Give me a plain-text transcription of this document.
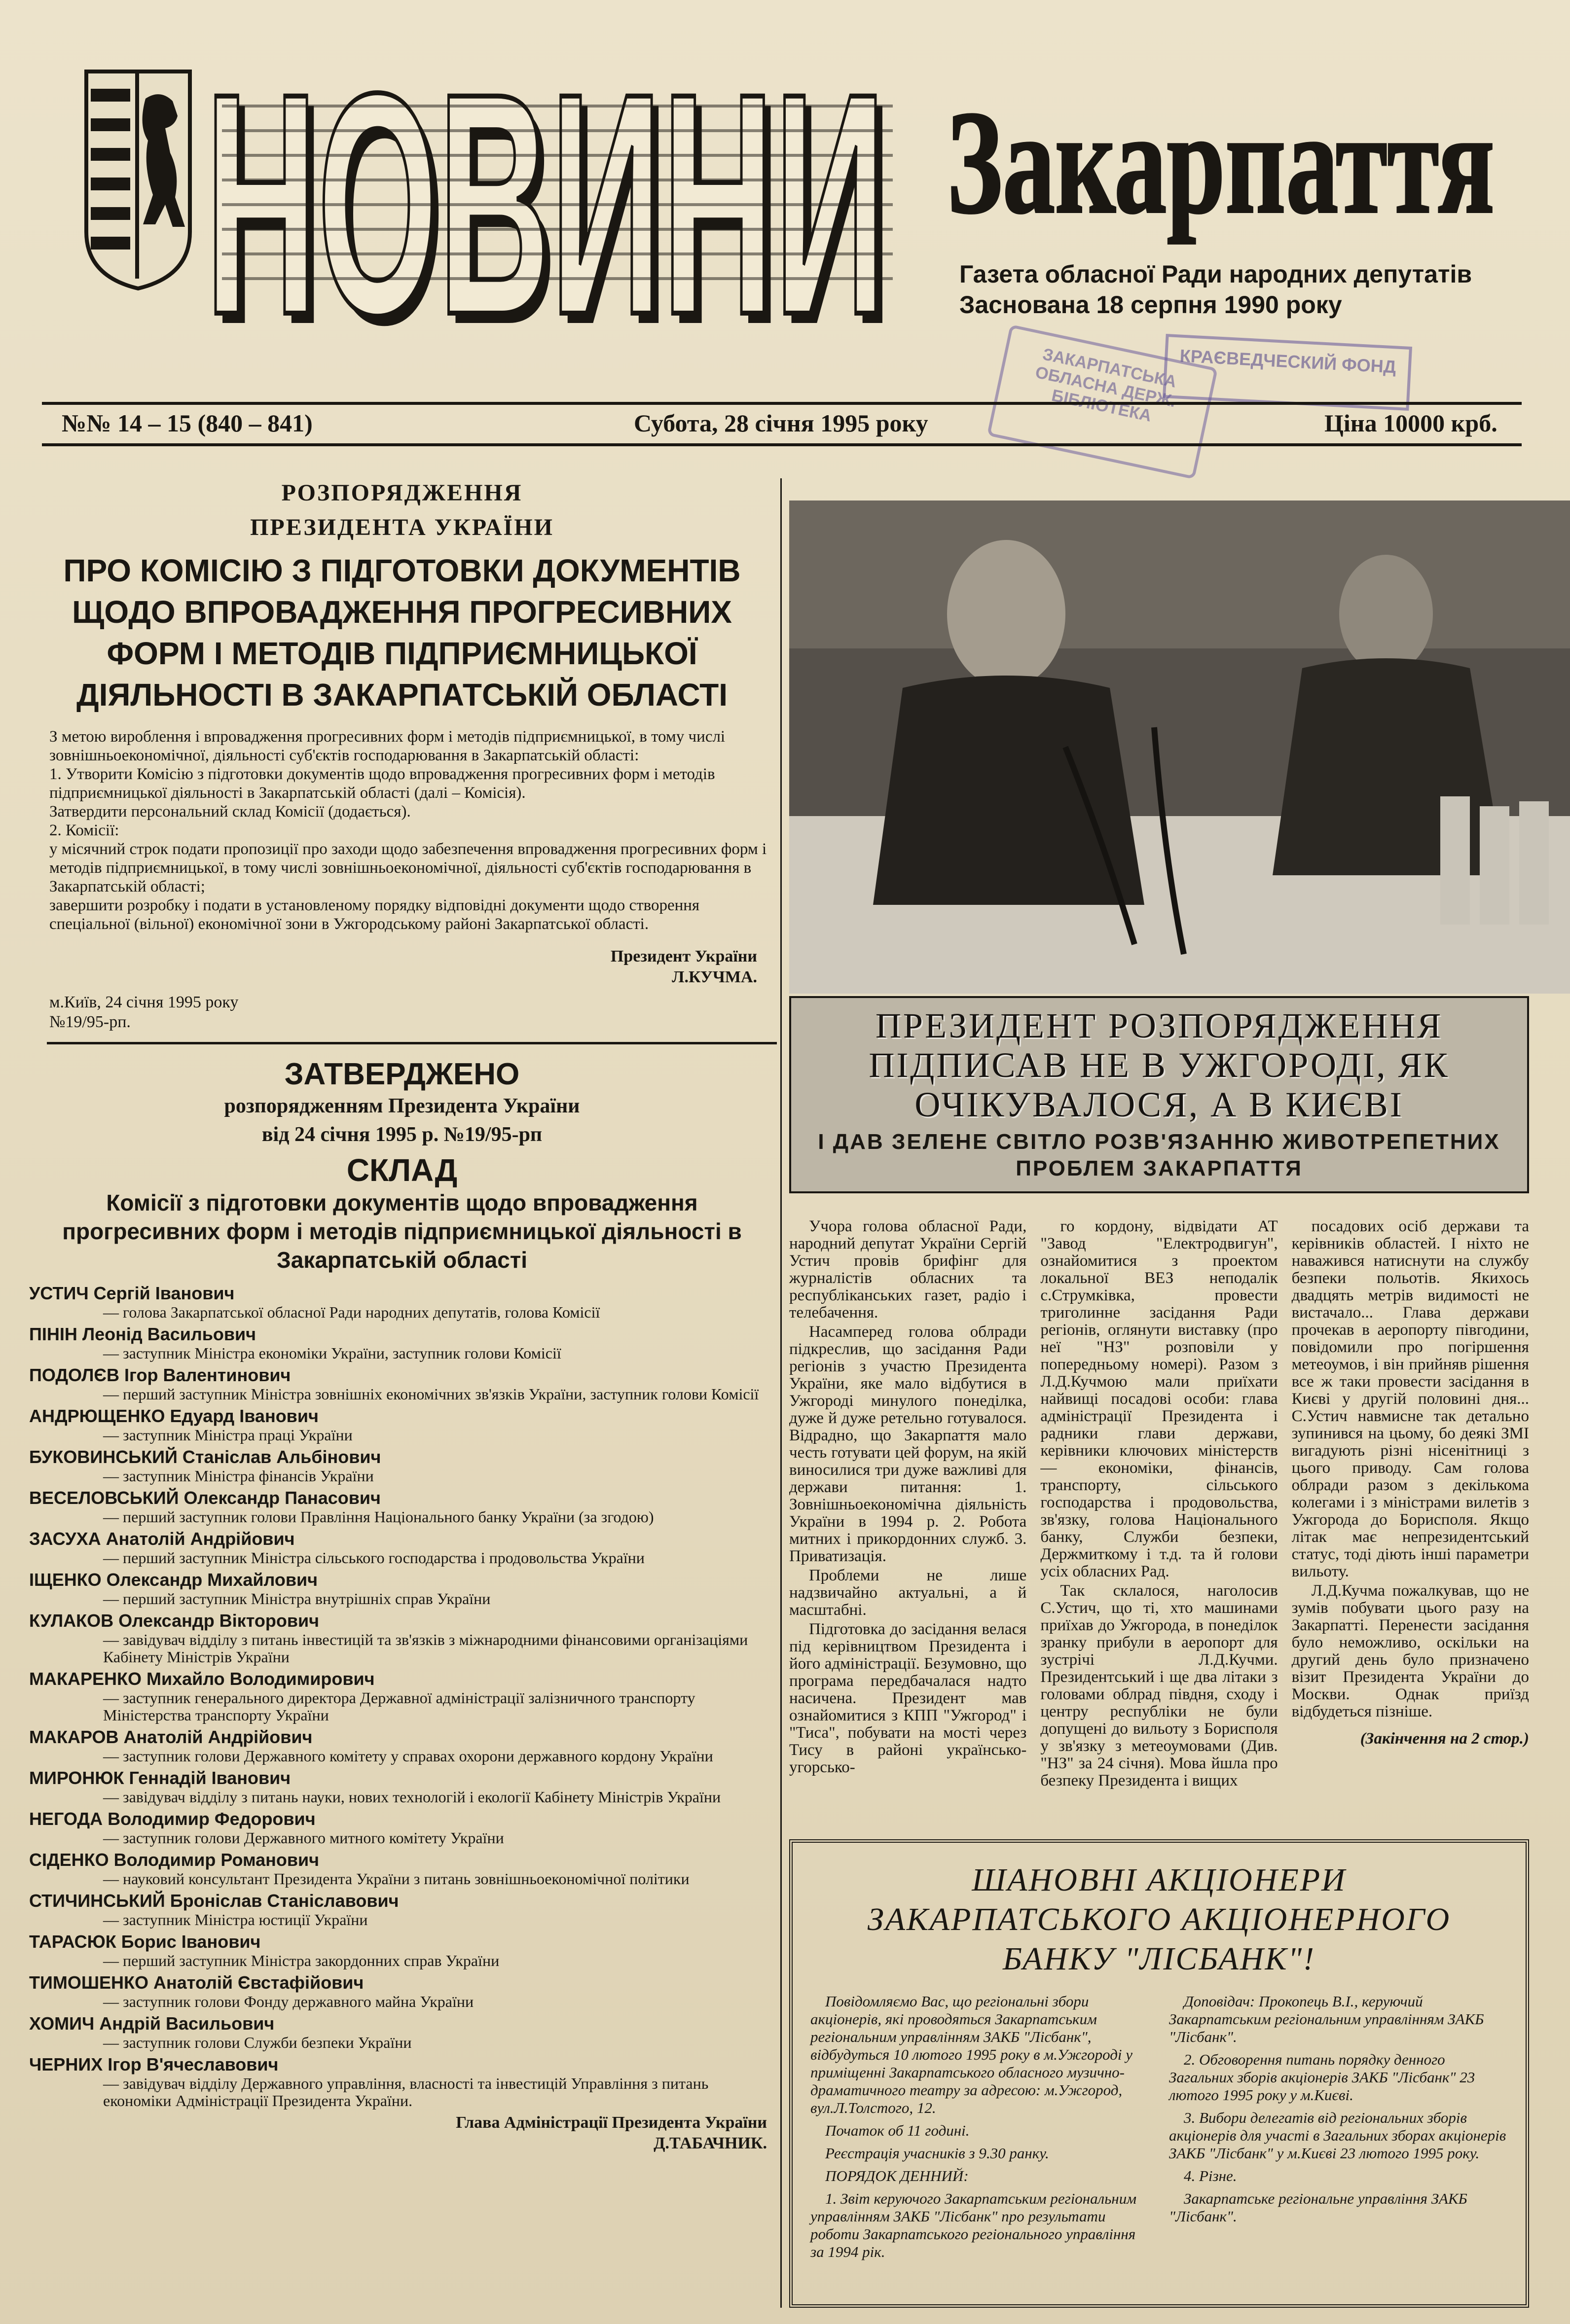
НОВИНИ
НОВИНИ Закарпаття
Газета обласної Ради народних депутатів
Заснована 18 серпня 1990 року
ЗАКАРПАТСЬКА ОБЛАСНА ДЕРЖ. БІБЛІОТЕКА
КРАЄВЕДЧЕСКИЙ ФОНД
№№ 14 – 15 (840 – 841)	Субота, 28 січня 1995 року	Ціна 10000 крб.
РОЗПОРЯДЖЕННЯ
ПРЕЗИДЕНТА УКРАЇНИ
ПРО КОМІСІЮ З ПІДГОТОВКИ ДОКУМЕНТІВ ЩОДО ВПРОВАДЖЕННЯ ПРОГРЕСИВНИХ ФОРМ І МЕТОДІВ ПІДПРИЄМНИЦЬКОЇ ДІЯЛЬНОСТІ В ЗАКАРПАТСЬКІЙ ОБЛАСТІ

З метою вироблення і впровадження прогресивних форм і методів підприємницької, в тому числі зовнішньоекономічної, діяльності суб'єктів господарювання в Закарпатській області:

1. Утворити Комісію з підготовки документів щодо впровадження прогресивних форм і методів підприємницької діяльності в Закарпатській області (далі – Комісія).

Затвердити персональний склад Комісії (додається).

2. Комісії:

у місячний строк подати пропозиції про заходи щодо забезпечення впровадження прогресивних форм і методів підприємницької, в тому числі зовнішньоекономічної, діяльності суб'єктів господарювання в Закарпатській області;

завершити розробку і подати в установленому порядку відповідні документи щодо створення спеціальної (вільної) економічної зони в Ужгородському районі Закарпатської області.

Президент України
Л.КУЧМА.
м.Київ, 24 січня 1995 року
№19/95-рп.
ЗАТВЕРДЖЕНО
розпорядженням Президента України
від 24 січня 1995 р. №19/95-рп
СКЛАД
Комісії з підготовки документів щодо впровадження прогресивних форм і методів підприємницької діяльності в Закарпатській області
УСТИЧ Сергій Іванович
— голова Закарпатської обласної Ради народних депутатів, голова Комісії
ПІНІН Леонід Васильович
— заступник Міністра економіки України, заступник голови Комісії
ПОДОЛЄВ Ігор Валентинович
— перший заступник Міністра зовнішніх економічних зв'язків України, заступник голови Комісії
АНДРЮЩЕНКО Едуард Іванович
— заступник Міністра праці України
БУКОВИНСЬКИЙ Станіслав Альбінович
— заступник Міністра фінансів України
ВЕСЕЛОВСЬКИЙ Олександр Панасович
— перший заступник голови Правління Національного банку України (за згодою)
ЗАСУХА Анатолій Андрійович
— перший заступник Міністра сільського господарства і продовольства України
ІЩЕНКО Олександр Михайлович
— перший заступник Міністра внутрішніх справ України
КУЛАКОВ Олександр Вікторович
— завідувач відділу з питань інвестицій та зв'язків з міжнародними фінансовими організаціями Кабінету Міністрів України
МАКАРЕНКО Михайло Володимирович
— заступник генерального директора Державної адміністрації залізничного транспорту Міністерства транспорту України
МАКАРОВ Анатолій Андрійович
— заступник голови Державного комітету у справах охорони державного кордону України
МИРОНЮК Геннадій Іванович
— завідувач відділу з питань науки, нових технологій і екології Кабінету Міністрів України
НЕГОДА Володимир Федорович
— заступник голови Державного митного комітету України
СІДЕНКО Володимир Романович
— науковий консультант Президента України з питань зовнішньоекономічної політики
СТИЧИНСЬКИЙ Броніслав Станіславович
— заступник Міністра юстиції України
ТАРАСЮК Борис Іванович
— перший заступник Міністра закордонних справ України
ТИМОШЕНКО Анатолій Євстафійович
— заступник голови Фонду державного майна України
ХОМИЧ Андрій Васильович
— заступник голови Служби безпеки України
ЧЕРНИХ Ігор В'ячеславович
— завідувач відділу Державного управління, власності та інвестицій Управління з питань економіки Адміністрації Президента України.
Глава Адміністрації Президента України
Д.ТАБАЧНИК.
ПРЕЗИДЕНТ РОЗПОРЯДЖЕННЯ ПІДПИСАВ НЕ В УЖГОРОДІ, ЯК ОЧІКУВАЛОСЯ, А В КИЄВІ
І ДАВ ЗЕЛЕНЕ СВІТЛО РОЗВ'ЯЗАННЮ ЖИВОТРЕПЕТНИХ ПРОБЛЕМ ЗАКАРПАТТЯ

Учора голова обласної Ради, народний депутат України Сергій Устич провів брифінг для журналістів обласних та республіканських газет, радіо і телебачення.

Насамперед голова облради підкреслив, що засідання Ради регіонів з участю Президента України, яке мало відбутися в Ужгороді минулого понеділка, дуже й дуже ретельно готувалося. Відрадно, що Закарпаття мало честь готувати цей форум, на якій виносилися три дуже важливі для держави питання: 1. Зовнішньоекономічна діяльність України в 1994 р. 2. Робота митних і прикордонних служб. 3. Приватизація.

Проблеми не лише надзвичайно актуальні, а й масштабні.

Підготовка до засідання велася під керівництвом Президента і його адміністрації. Безумовно, що програма передбачалася надто насичена. Президент мав ознайомитися з КПП "Ужгород" і "Тиса", побувати на мості через Тису в районі українсько-угорсько-

го кордону, відвідати АТ "Завод "Електродвигун", ознайомитися з проектом локальної ВЕЗ неподалік с.Струмківка, провести триголинне засідання Ради регіонів, оглянути виставку (про неї "НЗ" розповіли у попередньому номері). Разом з Л.Д.Кучмою мали приїхати найвищі посадові особи: глава адміністрації Президента і радники глави держави, керівники ключових міністерств — економіки, фінансів, транспорту, сільського господарства і продовольства, зв'язку, голова Національного банку, Служби безпеки, Держмиткому і т.д. та й голови усіх обласних Рад.

Так склалося, наголосив С.Устич, що ті, хто машинами приїхав до Ужгорода, в понеділок зранку прибули в аеропорт для зустрічі Л.Д.Кучми. Президентський і ще два літаки з головами облрад півдня, сходу і центру республіки не були допущені до вильоту з Борисполя у зв'язку з метеоумовами (Див. "НЗ" за 24 січня). Мова йшла про безпеку Президента і вищих

посадових осіб держави та керівників областей. І ніхто не наважився натиснути на службу безпеки польотів. Якихось двадцять метрів видимості не вистачало... Глава держави прочекав в аеропорту півгодини, повідомили про погіршення метеоумов, і він прийняв рішення все ж таки провести засідання в Києві у другій половині дня... С.Устич навмисне так детально зупинився на цьому, бо деякі ЗМІ вигадують різні нісенітниці з цього приводу. Сам голова облради разом з декількома колегами і з міністрами вилетів з Ужгорода до Борисполя. Якщо літак має непрезидентський статус, тоді діють інші параметри вильоту.

Л.Д.Кучма пожалкував, що не зумів побувати цього разу на Закарпатті. Перенести засідання було неможливо, оскільки на другий день було призначено візит Президента України до Москви. Однак приїзд відбудеться пізніше.

(Закінчення на 2 стор.)
ШАНОВНІ АКЦІОНЕРИ
ЗАКАРПАТСЬКОГО АКЦІОНЕРНОГО
БАНКУ "ЛІСБАНК"!

Повідомляємо Вас, що регіональні збори акціонерів, які проводяться Закарпатським регіональним управлінням ЗАКБ "Лісбанк", відбудуться 10 лютого 1995 року в м.Ужгороді у приміщенні Закарпатського обласного музично-драматичного театру за адресою: м.Ужгород, вул.Л.Толстого, 12.

Початок об 11 годині.

Реєстрація учасників з 9.30 ранку.

ПОРЯДОК ДЕННИЙ:

1. Звіт керуючого Закарпатським регіональним управлінням ЗАКБ "Лісбанк" про результати роботи Закарпатського регіонального управління за 1994 рік.

Доповідач: Прокопець В.І., керуючий Закарпатським регіональним управлінням ЗАКБ "Лісбанк".

2. Обговорення питань порядку денного Загальних зборів акціонерів ЗАКБ "Лісбанк" 23 лютого 1995 року у м.Києві.

3. Вибори делегатів від регіональних зборів акціонерів для участі в Загальних зборах акціонерів ЗАКБ "Лісбанк" у м.Києві 23 лютого 1995 року.

4. Різне.

Закарпатське регіональне управління ЗАКБ "Лісбанк".
